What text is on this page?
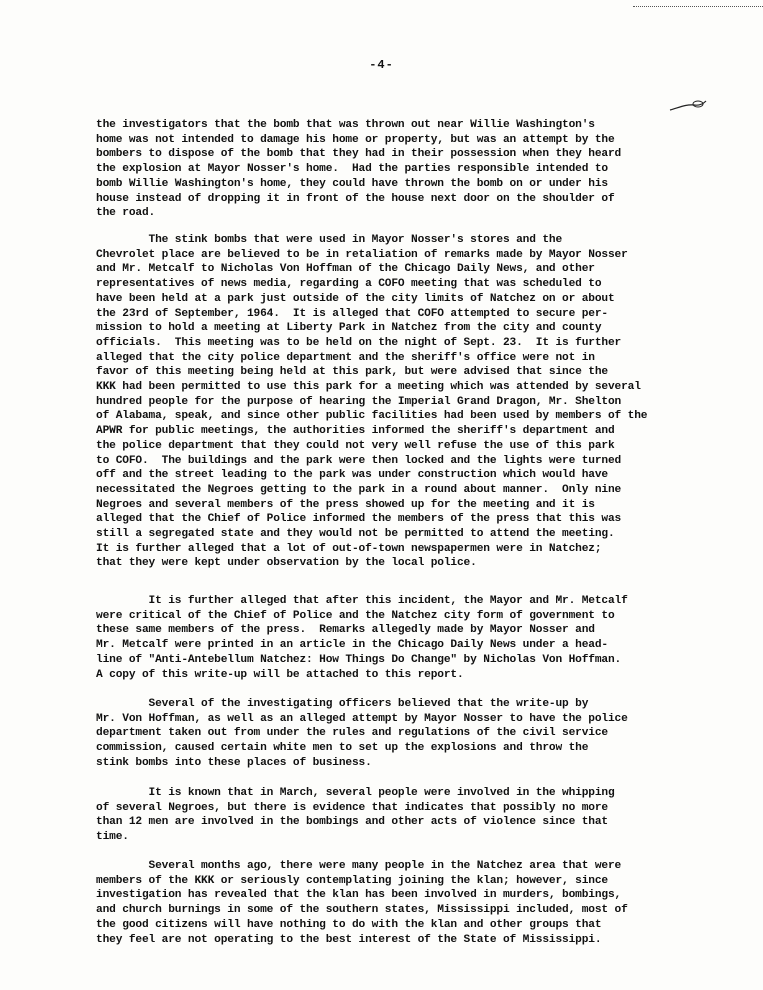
-4-

the investigators that the bomb that was thrown out near Willie Washington's
home was not intended to damage his home or property, but was an attempt by the
bombers to dispose of the bomb that they had in their possession when they heard
the explosion at Mayor Nosser's home.  Had the parties responsible intended to
bomb Willie Washington's home, they could have thrown the bomb on or under his
house instead of dropping it in front of the house next door on the shoulder of
the road.

The stink bombs that were used in Mayor Nosser's stores and the
Chevrolet place are believed to be in retaliation of remarks made by Mayor Nosser
and Mr. Metcalf to Nicholas Von Hoffman of the Chicago Daily News, and other
representatives of news media, regarding a COFO meeting that was scheduled to
have been held at a park just outside of the city limits of Natchez on or about
the 23rd of September, 1964.  It is alleged that COFO attempted to secure per-
mission to hold a meeting at Liberty Park in Natchez from the city and county
officials.  This meeting was to be held on the night of Sept. 23.  It is further
alleged that the city police department and the sheriff's office were not in
favor of this meeting being held at this park, but were advised that since the
KKK had been permitted to use this park for a meeting which was attended by several
hundred people for the purpose of hearing the Imperial Grand Dragon, Mr. Shelton
of Alabama, speak, and since other public facilities had been used by members of the
APWR for public meetings, the authorities informed the sheriff's department and
the police department that they could not very well refuse the use of this park
to COFO.  The buildings and the park were then locked and the lights were turned
off and the street leading to the park was under construction which would have
necessitated the Negroes getting to the park in a round about manner.  Only nine
Negroes and several members of the press showed up for the meeting and it is
alleged that the Chief of Police informed the members of the press that this was
still a segregated state and they would not be permitted to attend the meeting.
It is further alleged that a lot of out-of-town newspapermen were in Natchez;
that they were kept under observation by the local police.

It is further alleged that after this incident, the Mayor and Mr. Metcalf
were critical of the Chief of Police and the Natchez city form of government to
these same members of the press.  Remarks allegedly made by Mayor Nosser and
Mr. Metcalf were printed in an article in the Chicago Daily News under a head-
line of "Anti-Antebellum Natchez: How Things Do Change" by Nicholas Von Hoffman.
A copy of this write-up will be attached to this report.

Several of the investigating officers believed that the write-up by
Mr. Von Hoffman, as well as an alleged attempt by Mayor Nosser to have the police
department taken out from under the rules and regulations of the civil service
commission, caused certain white men to set up the explosions and throw the
stink bombs into these places of business.

It is known that in March, several people were involved in the whipping
of several Negroes, but there is evidence that indicates that possibly no more
than 12 men are involved in the bombings and other acts of violence since that
time.

Several months ago, there were many people in the Natchez area that were
members of the KKK or seriously contemplating joining the klan; however, since
investigation has revealed that the klan has been involved in murders, bombings,
and church burnings in some of the southern states, Mississippi included, most of
the good citizens will have nothing to do with the klan and other groups that
they feel are not operating to the best interest of the State of Mississippi.
